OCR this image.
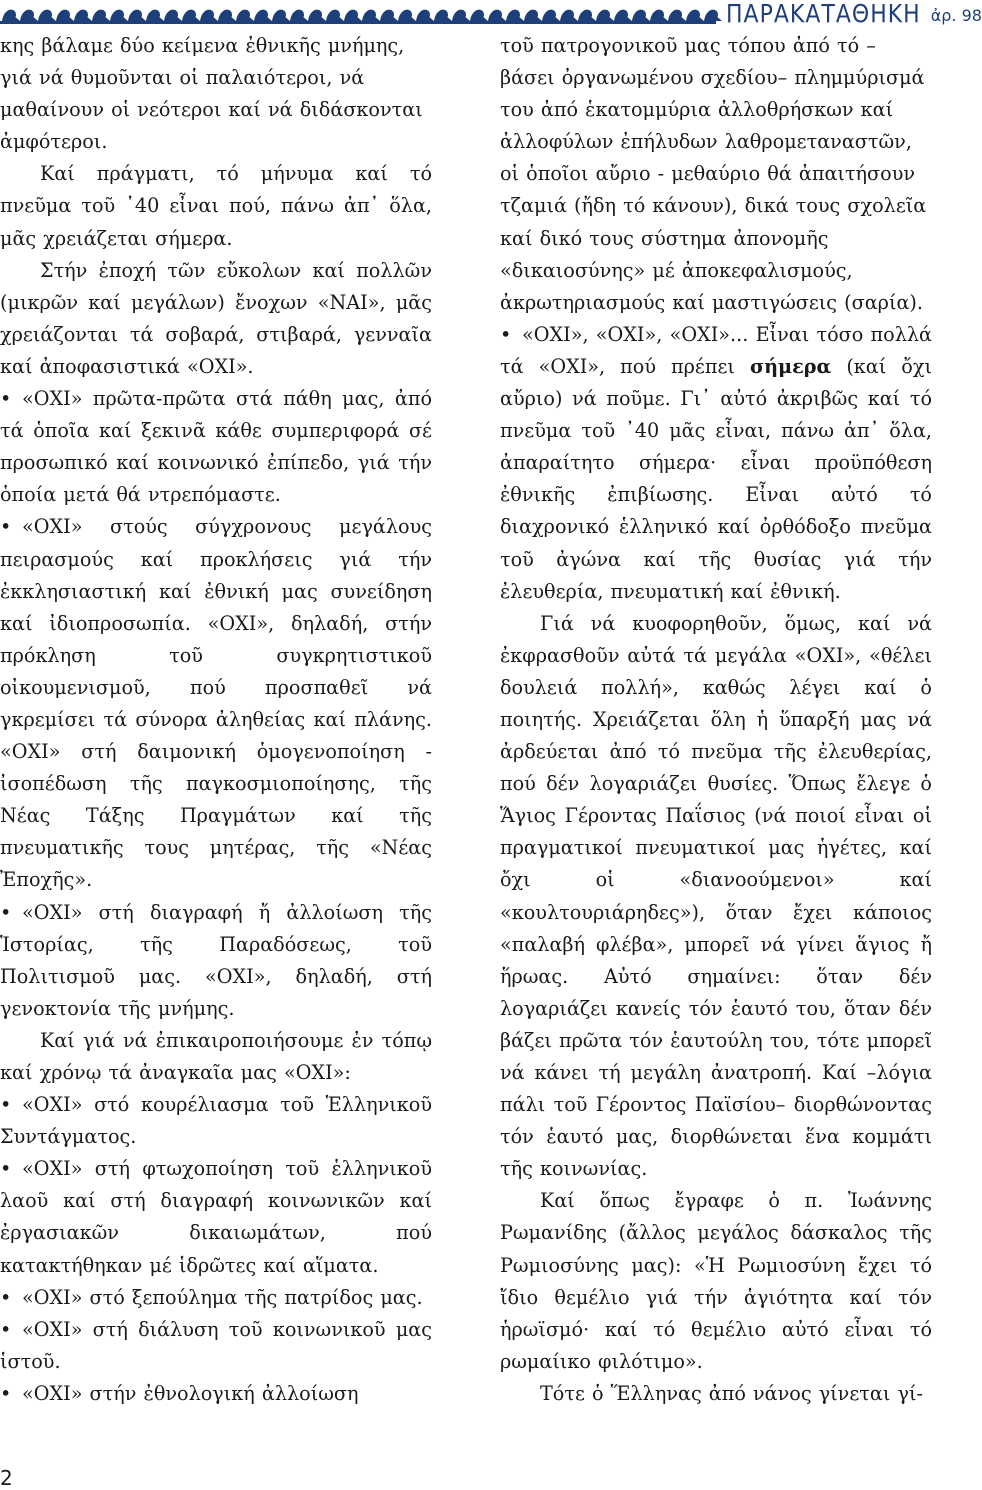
ΠΑΡΑΚΑΤΑΘΗΚΗ ἀρ. 98

κης βάλαμε δύο κείμενα ἐθνικῆς μνήμης, γιά νά θυμοῦνται οἱ παλαιότεροι, νά μαθαίνουν οἱ νεότεροι καί νά διδάσκονται ἀμφότεροι.

Καί πράγματι, τό μήνυμα καί τό πνεῦμα τοῦ ᾽40 εἶναι πού, πάνω ἀπ᾽ ὅλα, μᾶς χρειάζεται σήμερα.

Στήν ἐποχή τῶν εὔκολων καί πολλῶν (μικρῶν καί μεγάλων) ἔνοχων «ΝΑΙ», μᾶς χρειάζονται τά σοβαρά, στιβαρά, γενναῖα καί ἀποφασιστικά «ΟΧΙ».

• «ΟΧΙ» πρῶτα-πρῶτα στά πάθη μας, ἀπό τά ὁποῖα καί ξεκινᾶ κάθε συμπεριφορά σέ προσωπικό καί κοινωνικό ἐπίπεδο, γιά τήν ὁποία μετά θά ντρεπόμαστε.

• «ΟΧΙ» στούς σύγχρονους μεγάλους πειρασμούς καί προκλήσεις γιά τήν ἐκκλησιαστική καί ἐθνική μας συνείδηση καί ἰδιοπροσωπία. «ΟΧΙ», δηλαδή, στήν πρόκληση τοῦ συγκρητιστικοῦ οἰκουμενισμοῦ, πού προσπαθεῖ νά γκρεμίσει τά σύνορα ἀληθείας καί πλάνης. «ΟΧΙ» στή δαιμονική ὁμογενοποίηση - ἰσοπέδωση τῆς παγκοσμιοποίησης, τῆς Νέας Τάξης Πραγμάτων καί τῆς πνευματικῆς τους μητέρας, τῆς «Νέας Ἐποχῆς».

• «ΟΧΙ» στή διαγραφή ἤ ἀλλοίωση τῆς Ἱστορίας, τῆς Παραδόσεως, τοῦ Πολιτισμοῦ μας. «ΟΧΙ», δηλαδή, στή γενοκτονία τῆς μνήμης.

Καί γιά νά ἐπικαιροποιήσουμε ἐν τόπῳ καί χρόνῳ τά ἀναγκαῖα μας «ΟΧΙ»:

• «ΟΧΙ» στό κουρέλιασμα τοῦ Ἑλληνικοῦ Συντάγματος.

• «ΟΧΙ» στή φτωχοποίηση τοῦ ἑλληνικοῦ λαοῦ καί στή διαγραφή κοινωνικῶν καί ἐργασιακῶν δικαιωμάτων, πού κατακτήθηκαν μέ ἱδρῶτες καί αἵματα.

• «ΟΧΙ» στό ξεπούλημα τῆς πατρίδος μας.

• «ΟΧΙ» στή διάλυση τοῦ κοινωνικοῦ μας ἱστοῦ.

• «ΟΧΙ» στήν ἐθνολογική ἀλλοίωση

τοῦ πατρογονικοῦ μας τόπου ἀπό τό – βάσει ὀργανωμένου σχεδίου– πλημμύρισμά του ἀπό ἑκατομμύρια ἀλλοθρήσκων καί ἀλλοφύλων ἐπήλυδων λαθρομεταναστῶν, οἱ ὁποῖοι αὔριο - μεθαύριο θά ἀπαιτήσουν τζαμιά (ἤδη τό κάνουν), δικά τους σχολεῖα καί δικό τους σύστημα ἀπονομῆς «δικαιοσύνης» μέ ἀποκεφαλισμούς, ἀκρωτηριασμούς καί μαστιγώσεις (σαρία).

• «ΟΧΙ», «ΟΧΙ», «ΟΧΙ»... Εἶναι τόσο πολλά τά «ΟΧΙ», πού πρέπει σήμερα (καί ὄχι αὔριο) νά ποῦμε. Γι᾽ αὐτό ἀκριβῶς καί τό πνεῦμα τοῦ ᾽40 μᾶς εἶναι, πάνω ἀπ᾽ ὅλα, ἀπαραίτητο σήμερα· εἶναι προϋπόθεση ἐθνικῆς ἐπιβίωσης. Εἶναι αὐτό τό διαχρονικό ἑλληνικό καί ὀρθόδοξο πνεῦμα τοῦ ἀγώνα καί τῆς θυσίας γιά τήν ἐλευθερία, πνευματική καί ἐθνική.

Γιά νά κυοφορηθοῦν, ὅμως, καί νά ἐκφρασθοῦν αὐτά τά μεγάλα «ΟΧΙ», «θέλει δουλειά πολλή», καθώς λέγει καί ὁ ποιητής. Χρειάζεται ὅλη ἡ ὕπαρξή μας νά ἀρδεύεται ἀπό τό πνεῦμα τῆς ἐλευθερίας, πού δέν λογαριάζει θυσίες. Ὅπως ἔλεγε ὁ Ἅγιος Γέροντας Παΐσιος (νά ποιοί εἶναι οἱ πραγματικοί πνευματικοί μας ἡγέτες, καί ὄχι οἱ «διανοούμενοι» καί «κουλτουριάρηδες»), ὅταν ἔχει κάποιος «παλαβή φλέβα», μπορεῖ νά γίνει ἅγιος ἤ ἥρωας. Αὐτό σημαίνει: ὅταν δέν λογαριάζει κανείς τόν ἑαυτό του, ὅταν δέν βάζει πρῶτα τόν ἑαυτούλη του, τότε μπορεῖ νά κάνει τή μεγάλη ἀνατροπή. Καί –λόγια πάλι τοῦ Γέροντος Παϊσίου– διορθώνοντας τόν ἑαυτό μας, διορθώνεται ἕνα κομμάτι τῆς κοινωνίας.

Καί ὅπως ἔγραφε ὁ π. Ἰωάννης Ρωμανίδης (ἄλλος μεγάλος δάσκαλος τῆς Ρωμιοσύνης μας): «Ἡ Ρωμιοσύνη ἔχει τό ἴδιο θεμέλιο γιά τήν ἁγιότητα καί τόν ἡρωϊσμό· καί τό θεμέλιο αὐτό εἶναι τό ρωμαίικο φιλότιμο».

Τότε ὁ Ἕλληνας ἀπό νάνος γίνεται γί-

2
